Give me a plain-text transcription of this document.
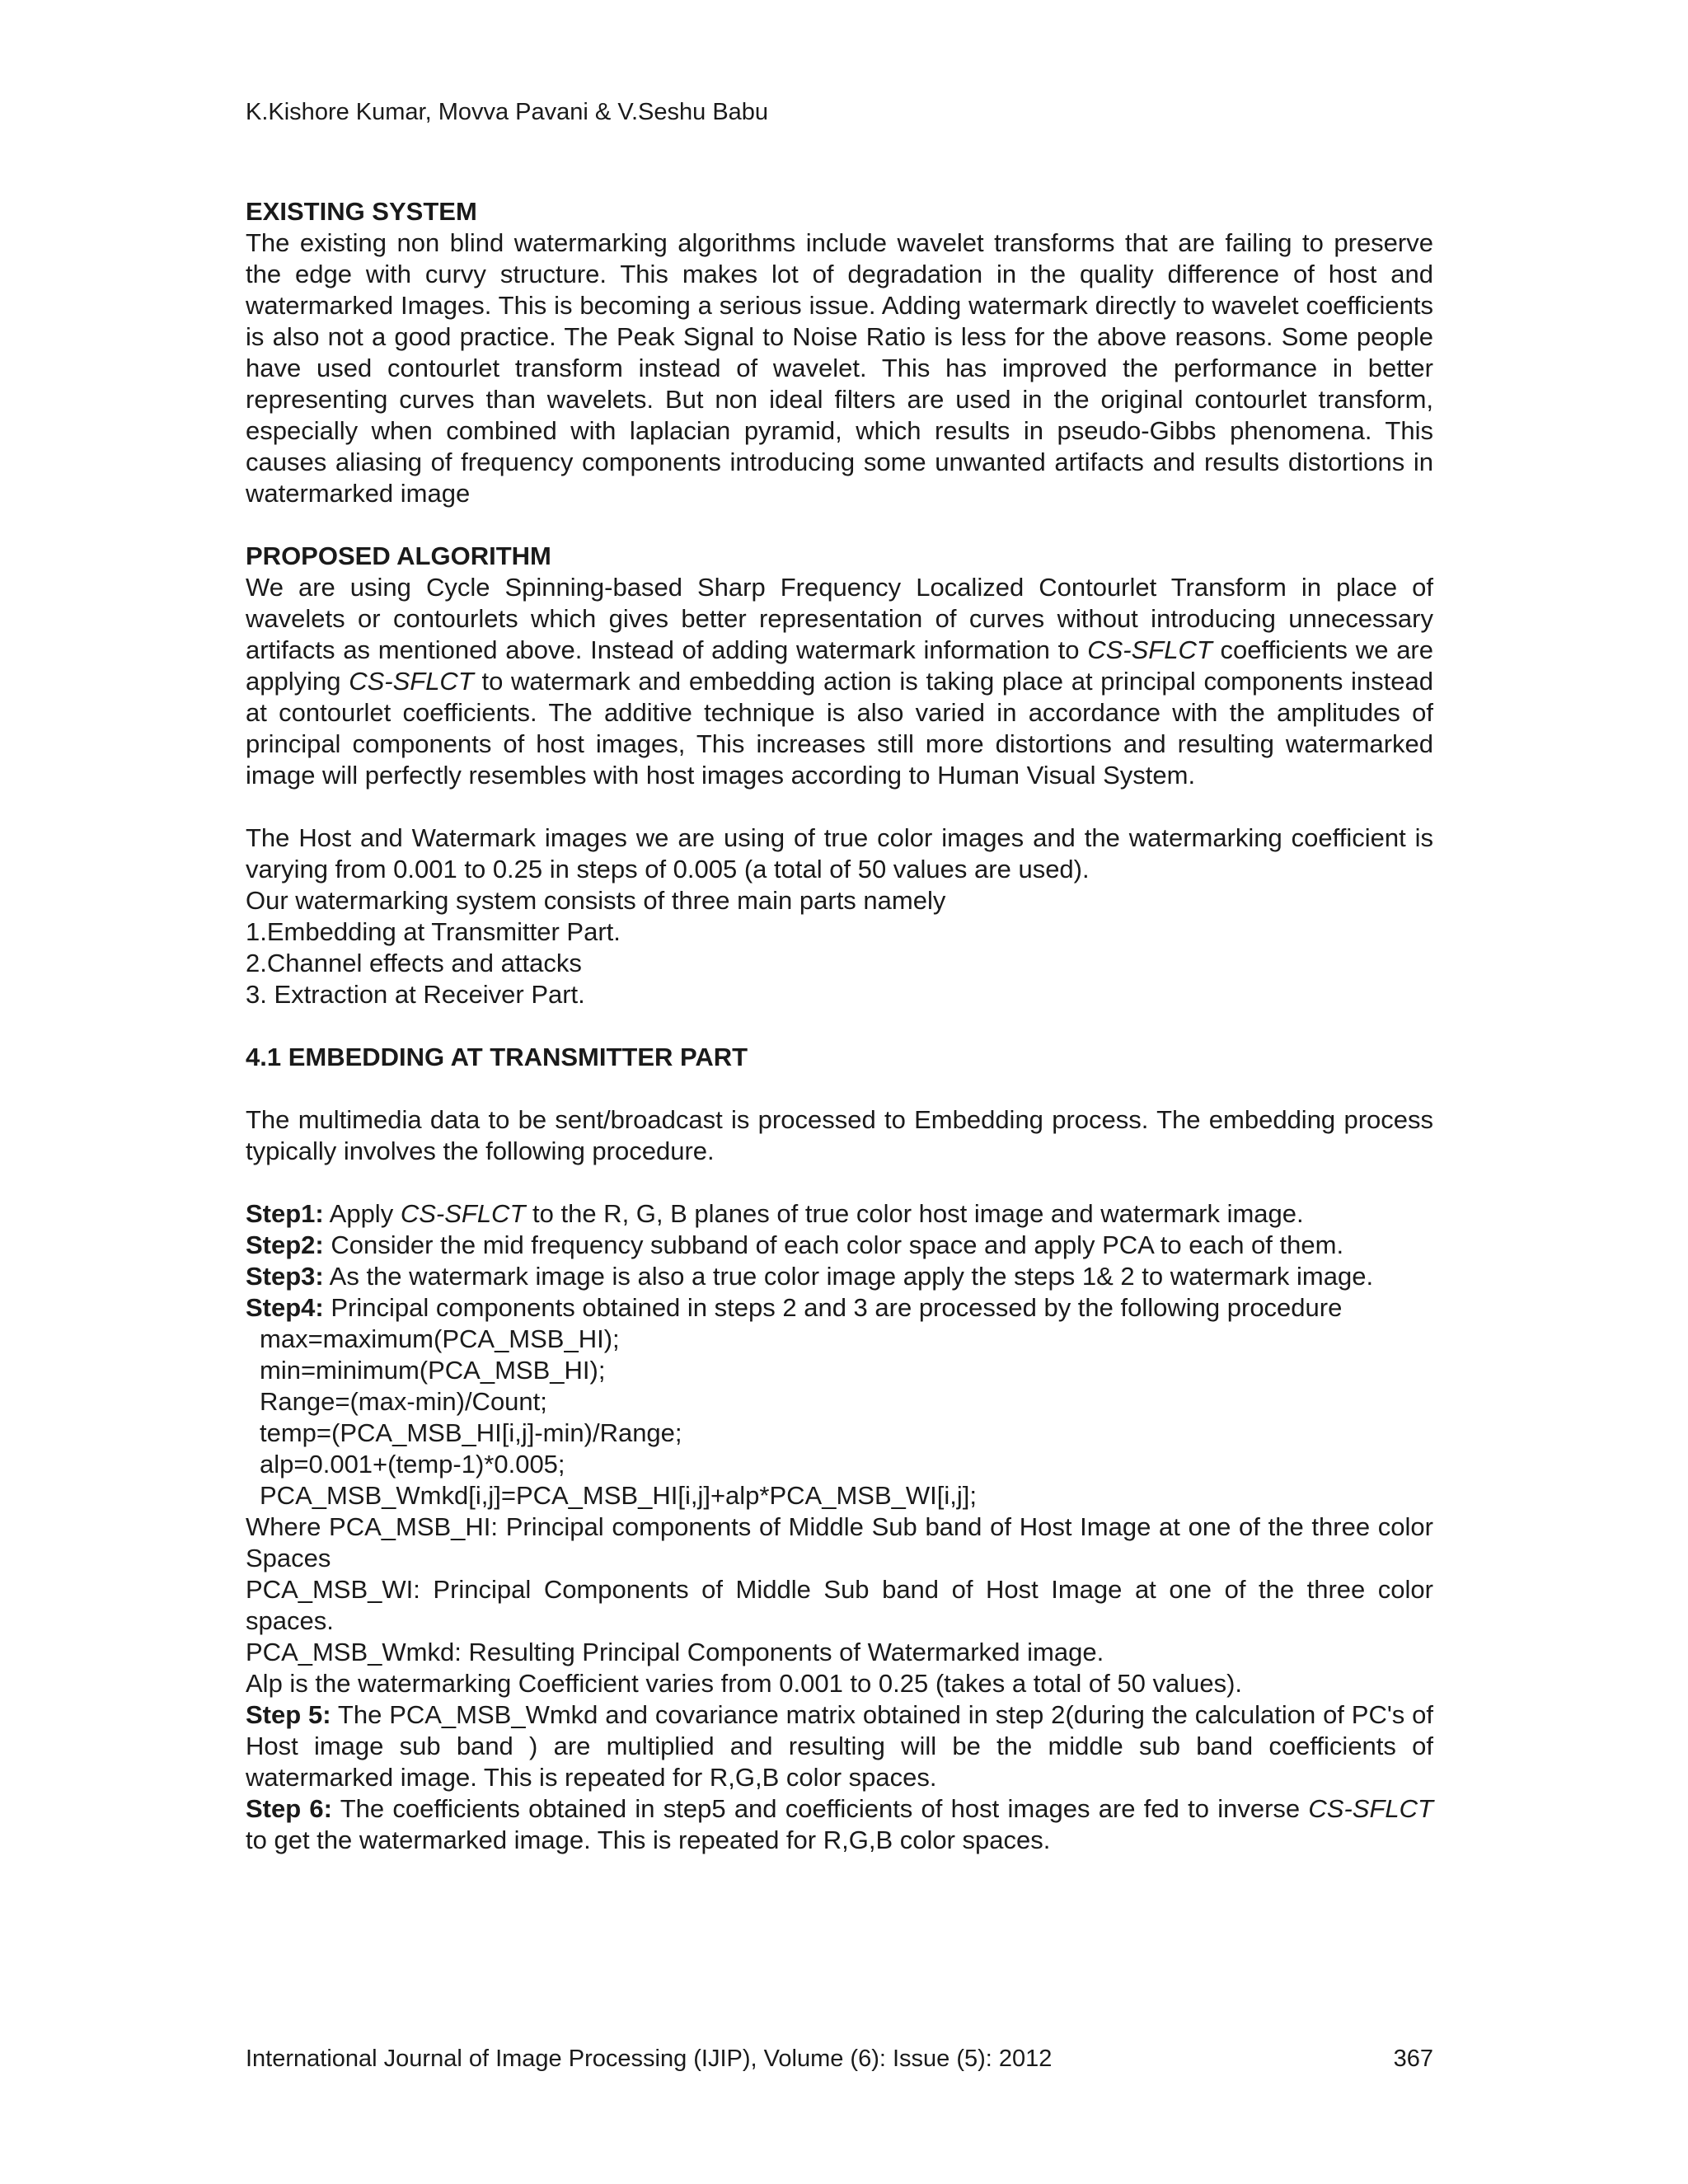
K.Kishore Kumar, Movva Pavani & V.Seshu Babu
EXISTING SYSTEM

The existing non blind watermarking algorithms include wavelet transforms that are failing to preserve the edge with curvy structure. This makes lot of degradation in the quality difference of host and watermarked Images. This is becoming a serious issue. Adding watermark directly to wavelet coefficients is also not a good practice. The Peak Signal to Noise Ratio is less for the above reasons. Some people have used contourlet transform instead of wavelet. This has improved the performance in better representing curves than wavelets. But non ideal filters are used in the original contourlet transform, especially when combined with laplacian pyramid, which results in pseudo-Gibbs phenomena. This causes aliasing of frequency components introducing some unwanted artifacts and results distortions in watermarked image

PROPOSED ALGORITHM

We are using Cycle Spinning-based Sharp Frequency Localized Contourlet Transform in place of wavelets or contourlets which gives better representation of curves without introducing unnecessary artifacts as mentioned above. Instead of adding watermark information to CS-SFLCT coefficients we are applying CS-SFLCT to watermark and embedding action is taking place at principal components instead at contourlet coefficients. The additive technique is also varied in accordance with the amplitudes of principal components of host images, This increases still more distortions and resulting watermarked image will perfectly resembles with host images according to Human Visual System.

The Host and Watermark images we are using of true color images and the watermarking coefficient is varying from 0.001 to 0.25 in steps of 0.005 (a total of 50 values are used).

Our watermarking system consists of three main parts namely
1.Embedding at Transmitter Part.
2.Channel effects and attacks
3. Extraction at Receiver Part.
4.1 EMBEDDING AT TRANSMITTER PART

The multimedia data to be sent/broadcast is processed to Embedding process. The embedding process typically involves the following procedure.

Step1: Apply CS-SFLCT to the R, G, B planes of true color host image and watermark image.

Step2: Consider the mid frequency subband of each color space and apply PCA to each of them.

Step3: As the watermark image is also a true color image apply the steps 1& 2 to watermark image.

Step4: Principal components obtained in steps 2 and 3 are processed by the following procedure

max=maximum(PCA_MSB_HI);
min=minimum(PCA_MSB_HI);
Range=(max-min)/Count;
temp=(PCA_MSB_HI[i,j]-min)/Range;
alp=0.001+(temp-1)*0.005;
PCA_MSB_Wmkd[i,j]=PCA_MSB_HI[i,j]+alp*PCA_MSB_WI[i,j];

Where PCA_MSB_HI: Principal components of Middle Sub band of Host Image at one of the three color Spaces

PCA_MSB_WI: Principal Components of Middle Sub band of Host Image at one of the three color spaces.

PCA_MSB_Wmkd: Resulting Principal Components of Watermarked image.

Alp is the watermarking Coefficient varies from 0.001 to 0.25 (takes a total of 50 values).

Step 5: The PCA_MSB_Wmkd and covariance matrix obtained in step 2(during the calculation of PC's of Host image sub band ) are multiplied and resulting will be the middle sub band coefficients of watermarked image. This is repeated for R,G,B color spaces.

Step 6: The coefficients obtained in step5 and coefficients of host images are fed to inverse CS-SFLCT   to get the watermarked image. This is repeated for R,G,B color spaces.

International Journal of Image Processing (IJIP), Volume (6): Issue (5): 2012	367
